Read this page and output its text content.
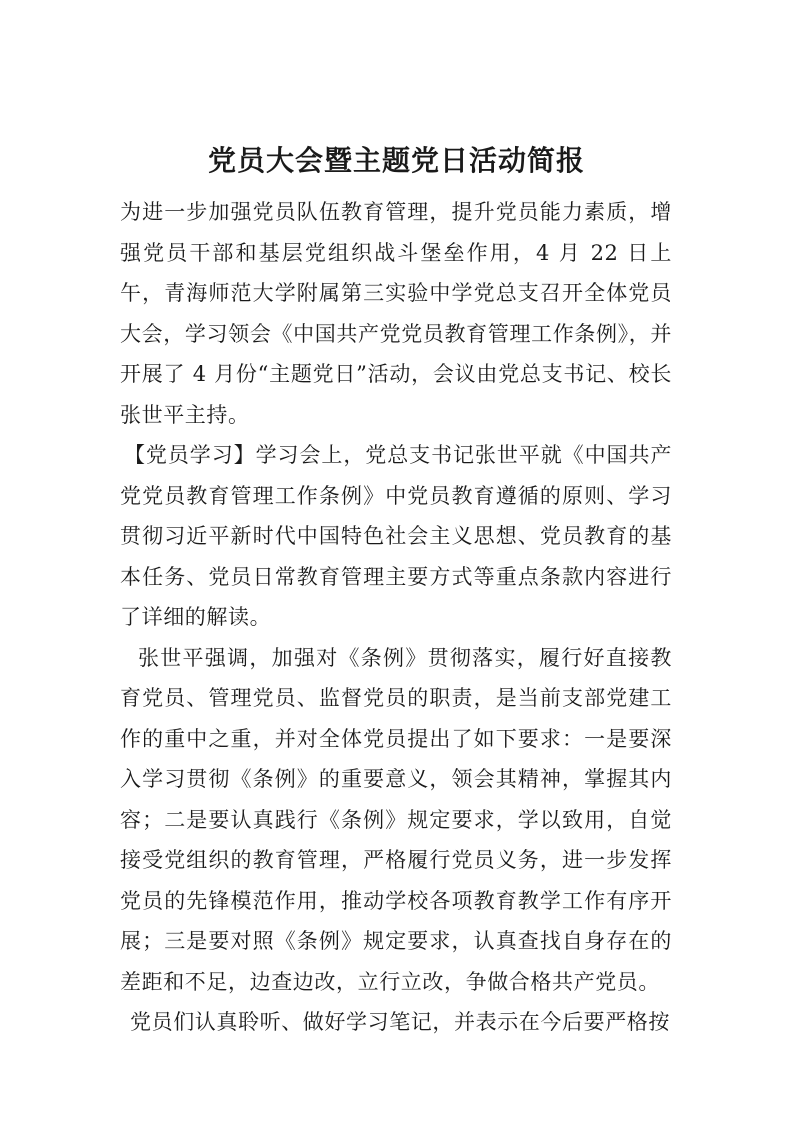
党员大会暨主题党日活动简报

为进一步加强党员队伍教育管理，提升党员能力素质，增强党员干部和基层党组织战斗堡垒作用，4 月 22 日上午，青海师范大学附属第三实验中学党总支召开全体党员大会，学习领会《中国共产党党员教育管理工作条例》，并开展了 4 月份“主题党日”活动，会议由党总支书记、校长张世平主持。

【党员学习】学习会上，党总支书记张世平就《中国共产党党员教育管理工作条例》中党员教育遵循的原则、学习贯彻习近平新时代中国特色社会主义思想、党员教育的基本任务、党员日常教育管理主要方式等重点条款内容进行了详细的解读。

张世平强调，加强对《条例》贯彻落实，履行好直接教育党员、管理党员、监督党员的职责，是当前支部党建工作的重中之重，并对全体党员提出了如下要求：一是要深入学习贯彻《条例》的重要意义，领会其精神，掌握其内容；二是要认真践行《条例》规定要求，学以致用，自觉接受党组织的教育管理，严格履行党员义务，进一步发挥党员的先锋模范作用，推动学校各项教育教学工作有序开展；三是要对照《条例》规定要求，认真查找自身存在的差距和不足，边查边改，立行立改，争做合格共产党员。

党员们认真聆听、做好学习笔记，并表示在今后要严格按
